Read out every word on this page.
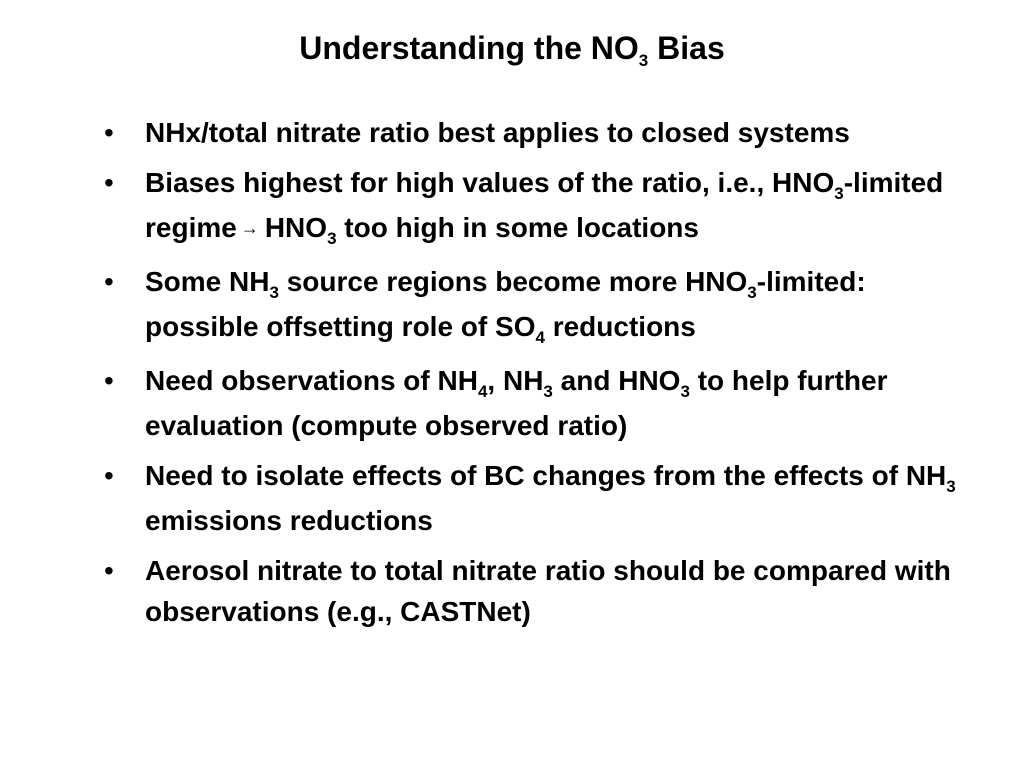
Understanding the $NO_3$ Bias
• NHx/total nitrate ratio best applies to closed systems
• Biases highest for high values of the ratio, i.e., $HNO_3$-limited regime → $HNO_3$ too high in some locations
• Some $NH_3$ source regions become more $HNO_3$-limited: possible offsetting role of $SO_4$ reductions
• Need observations of $NH_4$, $NH_3$ and $HNO_3$ to help further evaluation (compute observed ratio)
• Need to isolate effects of BC changes from the effects of $NH_3$ emissions reductions
• Aerosol nitrate to total nitrate ratio should be compared with observations (e.g., CASTNet)
